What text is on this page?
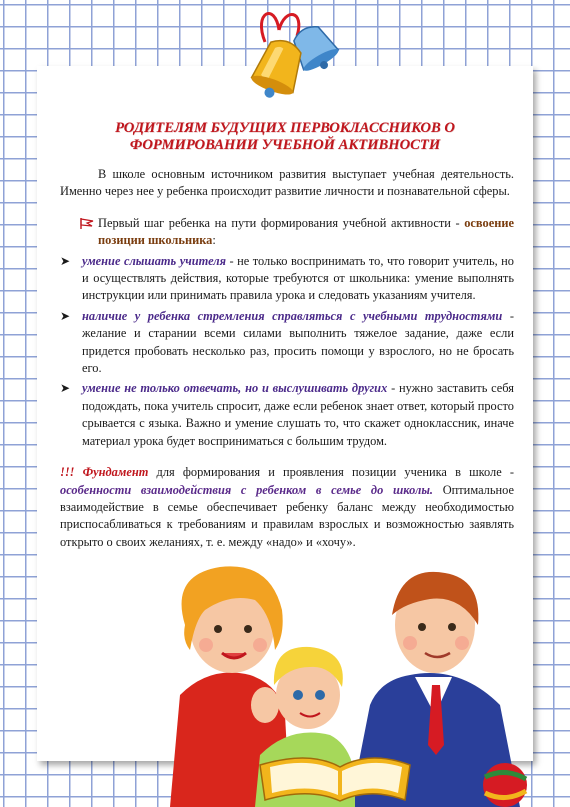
РОДИТЕЛЯМ БУДУЩИХ ПЕРВОКЛАССНИКОВ О
ФОРМИРОВАНИИ УЧЕБНОЙ АКТИВНОСТИ

В школе основным источником развития выступает учебная деятельность. Именно через нее у ребенка происходит развитие личности и познавательной сферы.

Первый шаг ребенка на пути формирования учебной активности - освоение позиции школьника:

➤ умение слышать учителя - не только воспринимать то, что говорит учитель, но и осуществлять действия, которые требуются от школьника: умение выполнять инструкции или принимать правила урока и следовать указаниям учителя.

➤ наличие у ребенка стремления справляться с учебными трудностями - желание и старании всеми силами выполнить тяжелое задание, даже если придется пробовать несколько раз, просить помощи у взрослого, но не бросать его.

➤ умение не только отвечать, но и выслушивать других - нужно заставить себя подождать, пока учитель спросит, даже если ребенок знает ответ, который просто срывается с языка. Важно и умение слушать то, что скажет одноклассник, иначе материал урока будет восприниматься с большим трудом.

!!! Фундамент для формирования и проявления позиции ученика в школе - особенности взаимодействия с ребенком в семье до школы. Оптимальное взаимодействие в семье обеспечивает ребенку баланс между необходимостью приспосабливаться к требованиям и правилам взрослых и возможностью заявлять открыто о своих желаниях, т. е. между «надо» и «хочу».
